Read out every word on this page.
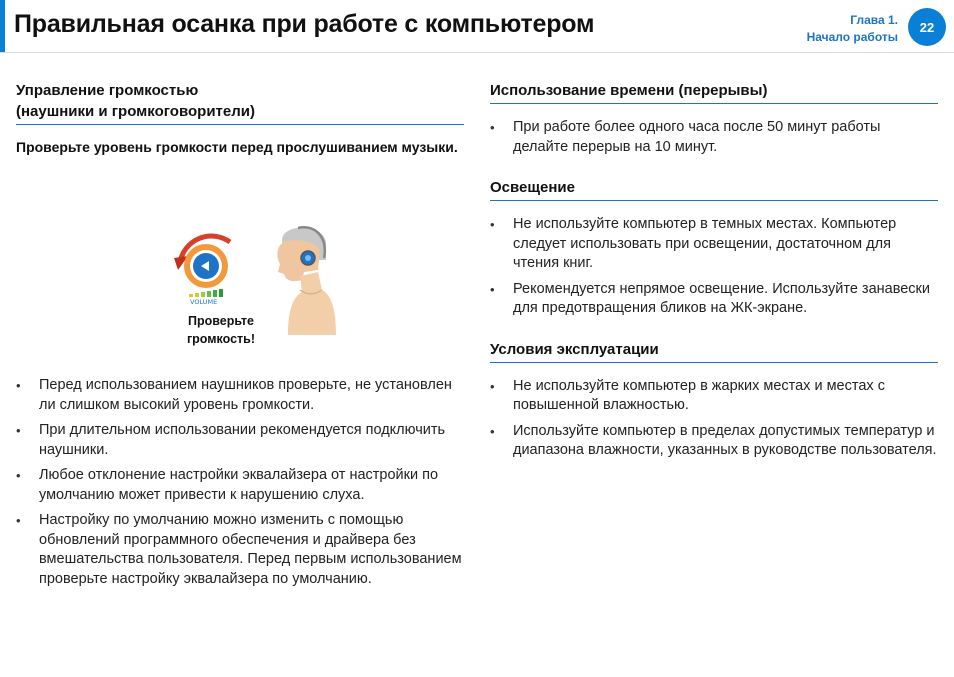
Правильная осанка при работе с компьютером	Глава 1.
Начало работы
22
Управление громкостью
(наушники и громкоговорители)

Проверьте уровень громкости перед прослушиванием музыки.

VOLUME
Проверьте
громкость!
• Перед использованием наушников проверьте, не установлен ли слишком высокий уровень громкости.
• При длительном использовании рекомендуется подключить наушники.
• Любое отклонение настройки эквалайзера от настройки по умолчанию может привести к нарушению слуха.
• Настройку по умолчанию можно изменить с помощью обновлений программного обеспечения и драйвера без вмешательства пользователя. Перед первым использованием проверьте настройку эквалайзера по умолчанию.
Использование времени (перерывы)
• При работе более одного часа после 50 минут работы делайте перерыв на 10 минут.
Освещение
• Не используйте компьютер в темных местах. Компьютер следует использовать при освещении, достаточном для чтения книг.
• Рекомендуется непрямое освещение. Используйте занавески для предотвращения бликов на ЖК-экране.
Условия эксплуатации
• Не используйте компьютер в жарких местах и местах с повышенной влажностью.
• Используйте компьютер в пределах допустимых температур и диапазона влажности, указанных в руководстве пользователя.
